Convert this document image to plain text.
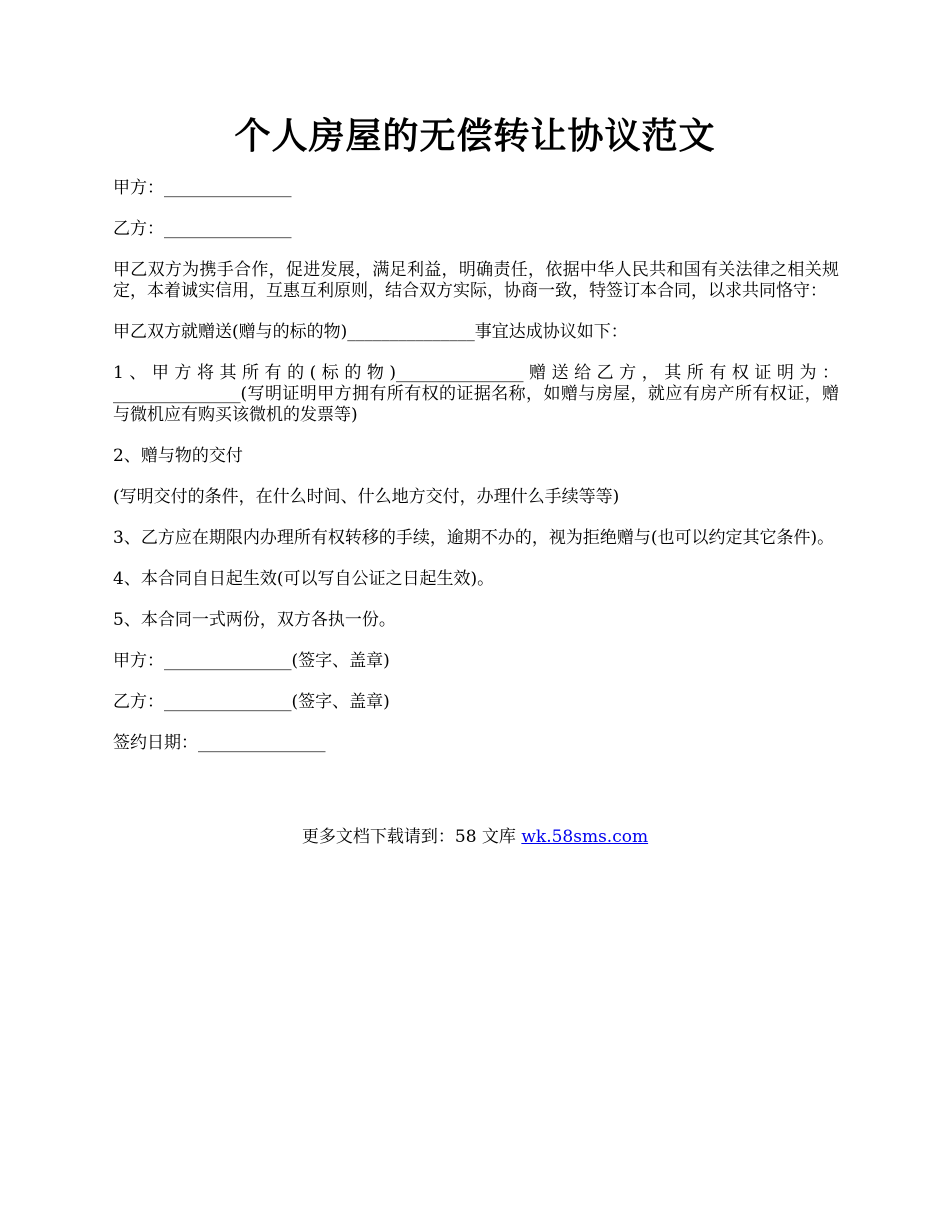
个人房屋的无偿转让协议范文

甲方：_______________

乙方：_______________

甲乙双方为携手合作，促进发展，满足利益，明确责任，依据中华人民共和国有关法律之相关规定，本着诚实信用，互惠互利原则，结合双方实际，协商一致，特签订本合同，以求共同恪守：

甲乙双方就赠送(赠与的标的物)_______________事宜达成协议如下：

1、甲方将其所有的(标的物)_______________赠送给乙方，其所有权证明为：_______________(写明证明甲方拥有所有权的证据名称，如赠与房屋，就应有房产所有权证，赠与微机应有购买该微机的发票等)

2、赠与物的交付

(写明交付的条件，在什么时间、什么地方交付，办理什么手续等等)

3、乙方应在期限内办理所有权转移的手续，逾期不办的，视为拒绝赠与(也可以约定其它条件)。

4、本合同自日起生效(可以写自公证之日起生效)。

5、本合同一式两份，双方各执一份。

甲方：_______________(签字、盖章)

乙方：_______________(签字、盖章)

签约日期：_______________

更多文档下载请到：58 文库 wk.58sms.com
